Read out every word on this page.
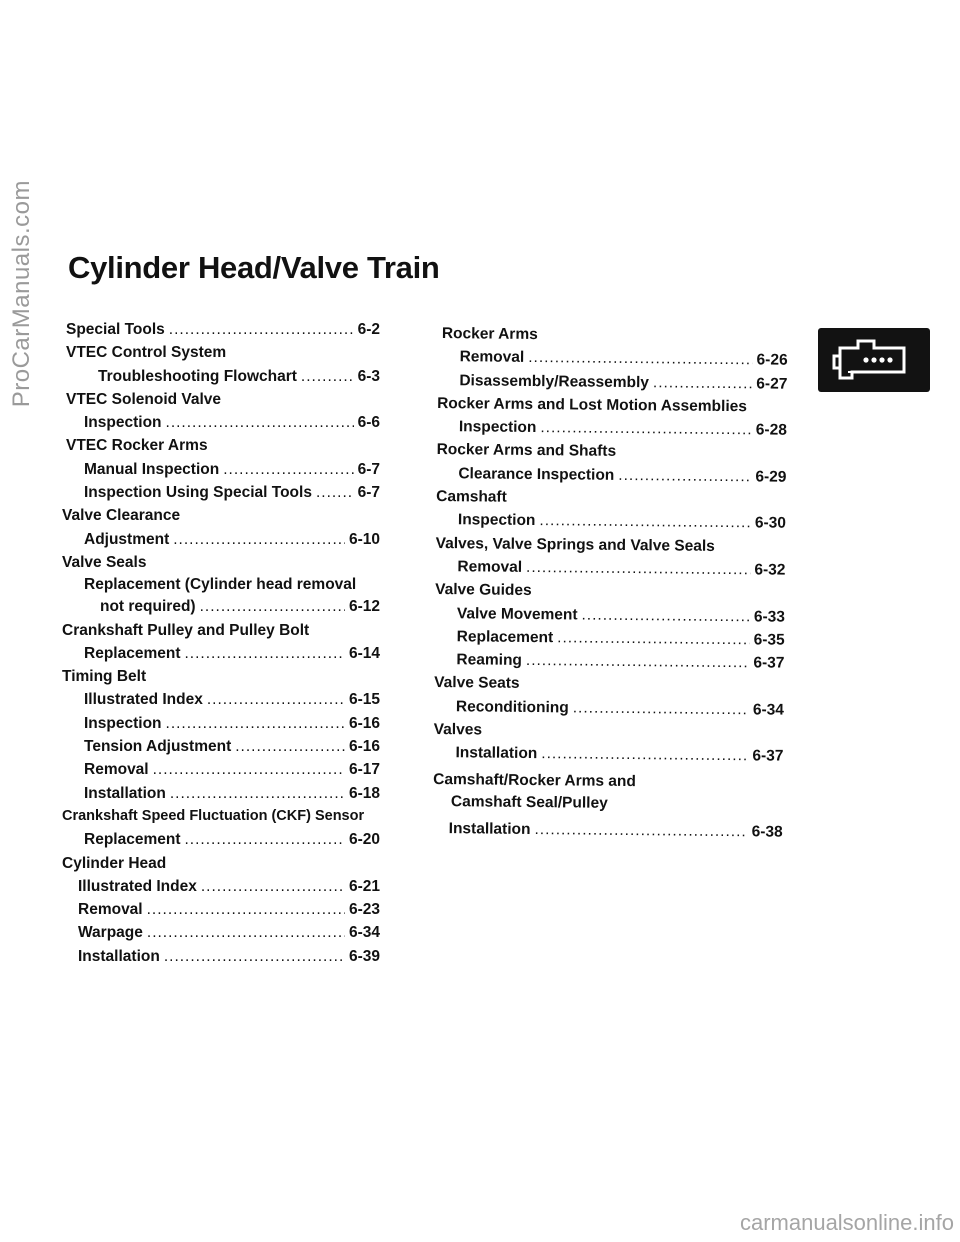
ProCarManuals.com Cylinder Head/Valve Train
Special Tools .....	6-2
VTEC Control System
Troubleshooting Flowchart .....	6-3
VTEC Solenoid Valve
Inspection .....	6-6
VTEC Rocker Arms
Manual Inspection .....	6-7
Inspection Using Special Tools .....	6-7
Valve Clearance
Adjustment .....	6-10
Valve Seals
Replacement (Cylinder head removal
not required) .....	6-12
Crankshaft Pulley and Pulley Bolt
Replacement .....	6-14
Timing Belt
Illustrated Index .....	6-15
Inspection .....	6-16
Tension Adjustment .....	6-16
Removal .....	6-17
Installation .....	6-18
Crankshaft Speed Fluctuation (CKF) Sensor
Replacement .....	6-20
Cylinder Head
Illustrated Index .....	6-21
Removal .....	6-23
Warpage .....	6-34
Installation .....	6-39
Rocker Arms
Removal .....	6-26
Disassembly/Reassembly .....	6-27
Rocker Arms and Lost Motion Assemblies
Inspection .....	6-28
Rocker Arms and Shafts
Clearance Inspection .....	6-29
Camshaft
Inspection .....	6-30
Valves, Valve Springs and Valve Seals
Removal .....	6-32
Valve Guides
Valve Movement .....	6-33
Replacement .....	6-35
Reaming .....	6-37
Valve Seats
Reconditioning .....	6-34
Valves
Installation .....	6-37
Camshaft/Rocker Arms and
Camshaft Seal/Pulley
Installation .....	6-38
carmanualsonline.info
